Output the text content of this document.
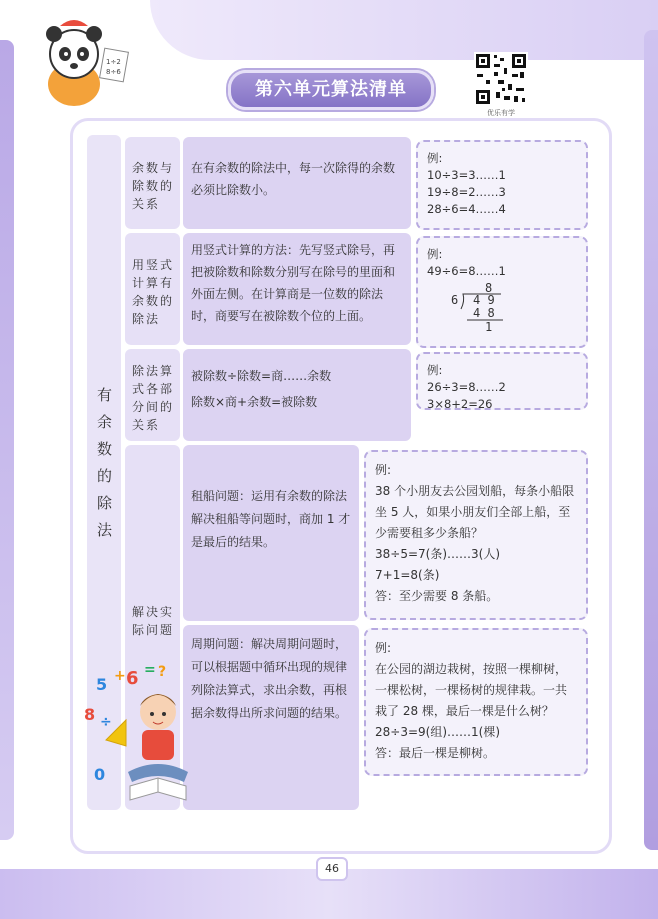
1÷2
8÷6
第六单元算法清单
优乐有学
有余数的除法
余数与除数的关系
在有余数的除法中，每一次除得的余数必须比除数小。

例:

10÷3=3……1

19÷8=2……3

28÷6=4……4

用竖式计算有余数的除法
用竖式计算的方法：先写竖式除号，再把被除数和除数分别写在除号的里面和外面左侧。在计算商是一位数的除法时，商要写在被除数个位的上面。

例:

49÷6=8……1

8
6 4 9
4 8
1
除法算式各部分间的关系
被除数÷除数=商……余数
除数×商+余数=被除数

例:

26÷3=8……2

3×8+2=26

解决实际问题
租船问题：运用有余数的除法解决租船等问题时，商加 1 才是最后的结果。

例:

38 个小朋友去公园划船，每条小船限坐 5 人，如果小朋友们全部上船，至少需要租多少条船？

38÷5=7(条)……3(人)

7+1=8(条)

答：至少需要 8 条船。

周期问题：解决周期问题时，可以根据题中循环出现的规律列除法算式，求出余数，再根据余数得出所求问题的结果。

例:

在公园的湖边栽树，按照一棵柳树，一棵松树，一棵杨树的规律栽。一共栽了 28 棵，最后一棵是什么树？

28÷3=9(组)……1(棵)

答：最后一棵是柳树。

5 + 6 = ?
8 ÷
0
46
